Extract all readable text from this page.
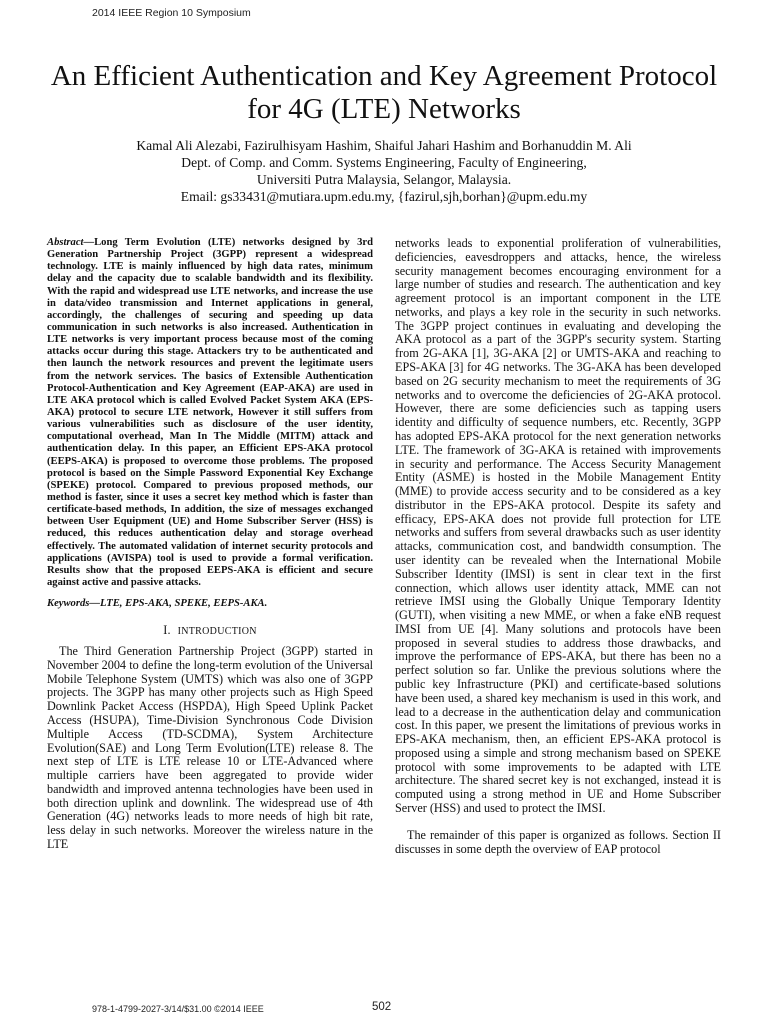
2014 IEEE Region 10 Symposium
An Efficient Authentication and Key Agreement Protocol for 4G (LTE) Networks
Kamal Ali Alezabi, Fazirulhisyam Hashim, Shaiful Jahari Hashim and Borhanuddin M. Ali
Dept. of Comp. and Comm. Systems Engineering, Faculty of Engineering,
Universiti Putra Malaysia, Selangor, Malaysia.
Email: gs33431@mutiara.upm.edu.my, {fazirul,sjh,borhan}@upm.edu.my

Abstract—Long Term Evolution (LTE) networks designed by 3rd Generation Partnership Project (3GPP) represent a widespread technology. LTE is mainly influenced by high data rates, minimum delay and the capacity due to scalable bandwidth and its flexibility. With the rapid and widespread use LTE networks, and increase the use in data/video transmission and Internet applications in general, accordingly, the challenges of securing and speeding up data communication in such networks is also increased. Authentication in LTE networks is very important process because most of the coming attacks occur during this stage. Attackers try to be authenticated and then launch the network resources and prevent the legitimate users from the network services. The basics of Extensible Authentication Protocol-Authentication and Key Agreement (EAP-AKA) are used in LTE AKA protocol which is called Evolved Packet System AKA (EPS-AKA) protocol to secure LTE network, However it still suffers from various vulnerabilities such as disclosure of the user identity, computational overhead, Man In The Middle (MITM) attack and authentication delay. In this paper, an Efficient EPS-AKA protocol (EEPS-AKA) is proposed to overcome those problems. The proposed protocol is based on the Simple Password Exponential Key Exchange (SPEKE) protocol. Compared to previous proposed methods, our method is faster, since it uses a secret key method which is faster than certificate-based methods, In addition, the size of messages exchanged between User Equipment (UE) and Home Subscriber Server (HSS) is reduced, this reduces authentication delay and storage overhead effectively. The automated validation of internet security protocols and applications (AVISPA) tool is used to provide a formal verification. Results show that the proposed EEPS-AKA is efficient and secure against active and passive attacks.

Keywords—LTE, EPS-AKA, SPEKE, EEPS-AKA.

I. INTRODUCTION

The Third Generation Partnership Project (3GPP) started in November 2004 to define the long-term evolution of the Universal Mobile Telephone System (UMTS) which was also one of 3GPP projects. The 3GPP has many other projects such as High Speed Downlink Packet Access (HSPDA), High Speed Uplink Packet Access (HSUPA), Time-Division Synchronous Code Division Multiple Access (TD-SCDMA), System Architecture Evolution(SAE) and Long Term Evolution(LTE) release 8. The next step of LTE is LTE release 10 or LTE-Advanced where multiple carriers have been aggregated to provide wider bandwidth and improved antenna technologies have been used in both direction uplink and downlink. The widespread use of 4th Generation (4G) networks leads to more needs of high bit rate, less delay in such networks. Moreover the wireless nature in the LTE

networks leads to exponential proliferation of vulnerabilities, deficiencies, eavesdroppers and attacks, hence, the wireless security management becomes encouraging environment for a large number of studies and research. The authentication and key agreement protocol is an important component in the LTE networks, and plays a key role in the security in such networks. The 3GPP project continues in evaluating and developing the AKA protocol as a part of the 3GPP's security system. Starting from 2G-AKA [1], 3G-AKA [2] or UMTS-AKA and reaching to EPS-AKA [3] for 4G networks. The 3G-AKA has been developed based on 2G security mechanism to meet the requirements of 3G networks and to overcome the deficiencies of 2G-AKA protocol. However, there are some deficiencies such as tapping users identity and difficulty of sequence numbers, etc. Recently, 3GPP has adopted EPS-AKA protocol for the next generation networks LTE. The framework of 3G-AKA is retained with improvements in security and performance. The Access Security Management Entity (ASME) is hosted in the Mobile Management Entity (MME) to provide access security and to be considered as a key distributor in the EPS-AKA protocol. Despite its safety and efficacy, EPS-AKA does not provide full protection for LTE networks and suffers from several drawbacks such as user identity attacks, communication cost, and bandwidth consumption. The user identity can be revealed when the International Mobile Subscriber Identity (IMSI) is sent in clear text in the first connection, which allows user identity attack, MME can not retrieve IMSI using the Globally Unique Temporary Identity (GUTI), when visiting a new MME, or when a fake eNB request IMSI from UE [4]. Many solutions and protocols have been proposed in several studies to address those drawbacks, and improve the performance of EPS-AKA, but there has been no a perfect solution so far. Unlike the previous solutions where the public key Infrastructure (PKI) and certificate-based solutions have been used, a shared key mechanism is used in this work, and lead to a decrease in the authentication delay and communication cost. In this paper, we present the limitations of previous works in EPS-AKA mechanism, then, an efficient EPS-AKA protocol is proposed using a simple and strong mechanism based on SPEKE protocol with some improvements to be adapted with LTE architecture. The shared secret key is not exchanged, instead it is computed using a strong method in UE and Home Subscriber Server (HSS) and used to protect the IMSI.

The remainder of this paper is organized as follows. Section II discusses in some depth the overview of EAP protocol

978-1-4799-2027-3/14/$31.00 ©2014 IEEE	502
